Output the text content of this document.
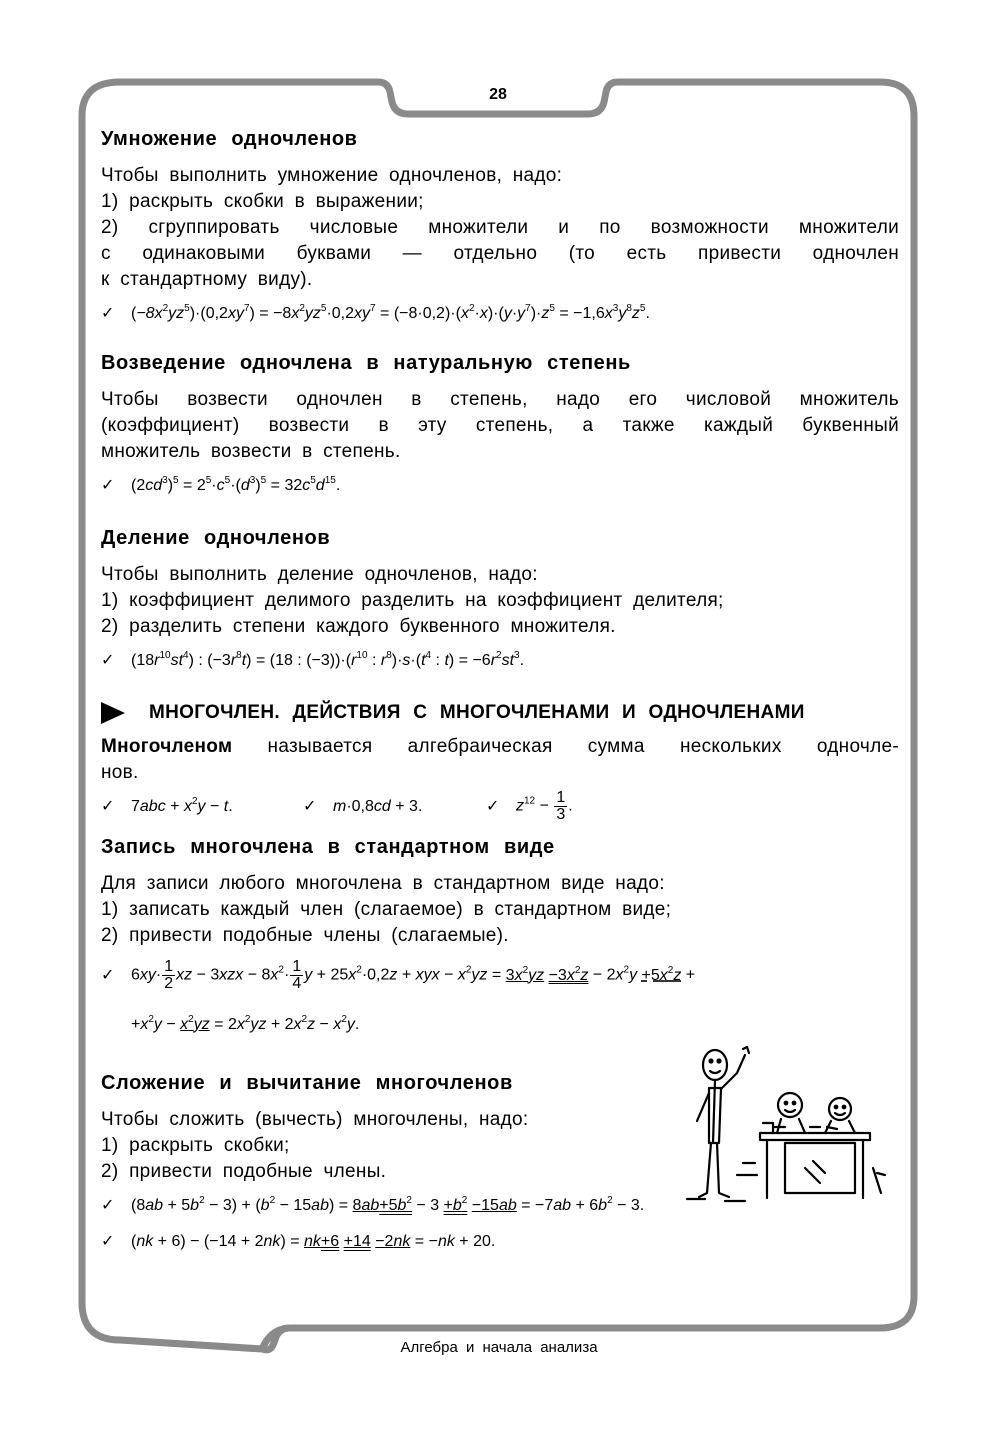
28
Умножение одночленов

Чтобы выполнить умножение одночленов, надо:
1) раскрыть скобки в выражении;
2) сгруппировать числовые множители и по возможности множители
с одинаковыми буквами — отдельно (то есть привести одночлен
к стандартному виду).

✓ $(-8x^2yz^5)\cdot(0,2xy^7) = -8x^2yz^5\cdot 0,2xy^7 = (-8\cdot 0,2)\cdot(x^2\cdot x)\cdot(y\cdot y^7)\cdot z^5 = -1,6x^3y^8z^5$.
Возведение одночлена в натуральную степень

Чтобы возвести одночлен в степень, надо его числовой множитель
(коэффициент) возвести в эту степень, а также каждый буквенный
множитель возвести в степень.

✓ $(2cd^3)^5 = 2^5\cdot c^5\cdot(d^3)^5 = 32c^5d^{15}$.
Деление одночленов

Чтобы выполнить деление одночленов, надо:
1) коэффициент делимого разделить на коэффициент делителя;
2) разделить степени каждого буквенного множителя.

✓ $(18r^{10}st^4)$ : $(-3r^8t) = (18$ : $(-3))\cdot(r^{10}$ : $r^8)\cdot s\cdot(t^4$ : $t) = -6r^2st^3$.
МНОГОЧЛЕН. ДЕЙСТВИЯ С МНОГОЧЛЕНАМИ И ОДНОЧЛЕНАМИ

Многочленом называется алгебраическая сумма нескольких одночле-
нов.

✓ $7abc + x^2y - t$.	✓ m·0,8cd + 3.	✓ $z^{12} - \frac{1}{3}$ .
Запись многочлена в стандартном виде

Для записи любого многочлена в стандартном виде надо:
1) записать каждый член (слагаемое) в стандартном виде;
2) привести подобные члены (слагаемые).

✓ $6xy\cdot \frac{1}{2}$ xz − $3xzx - 8x^2\cdot \frac{1}{4}$ $y + 25x^2\cdot 0,2z$ + xyx − $x^2yz = 3x^2yz -3x^2z - 2x^2y +5x^2z$ +
$+x^2y - x^2yz = 2x^2yz + 2x^2z - x^2y$.
Сложение и вычитание многочленов

Чтобы сложить (вычесть) многочлены, надо:
1) раскрыть скобки;
2) привести подобные члены.

✓ $(8ab + 5b^2 - 3) + (b^2 - 15ab) = 8ab+5b^2 - 3 +b^2 -15ab = -7ab + 6b^2 - 3$.
✓ (nk + 6) − (−14 + 2nk) = nk+6 +14 −2nk = −nk + 20.
Алгебра и начала анализа
